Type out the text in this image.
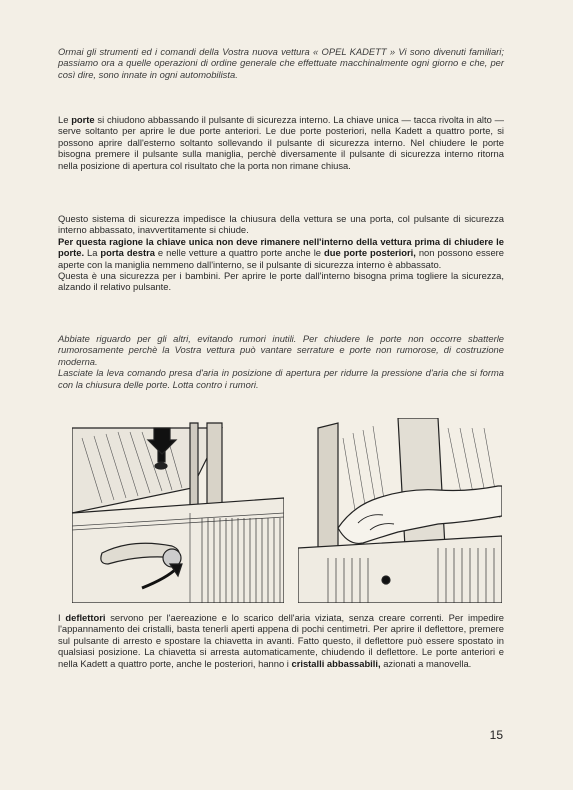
Ormai gli strumenti ed i comandi della Vostra nuova vettura « OPEL KADETT » Vi sono divenuti familiari; passiamo ora a quelle operazioni di ordine generale che effettuate macchinalmente ogni giorno e che, per così dire, sono innate in ogni automobilista.

Le porte si chiudono abbassando il pulsante di sicurezza interno. La chiave unica — tacca rivolta in alto — serve soltanto per aprire le due porte anteriori. Le due porte posteriori, nella Kadett a quattro porte, si possono aprire dall'esterno soltanto sollevando il pulsante di sicurezza interno. Nel chiudere le porte bisogna premere il pulsante sulla maniglia, perchè diversamente il pulsante di sicurezza interno ritorna nella posizione di apertura col risultato che la porta non rimane chiusa.

Questo sistema di sicurezza impedisce la chiusura della vettura se una porta, col pulsante di sicurezza interno abbassato, inavvertitamente si chiude.

Per questa ragione la chiave unica non deve rimanere nell'interno della vettura prima di chiudere le porte. La porta destra e nelle vetture a quattro porte anche le due porte posteriori, non possono essere aperte con la maniglia nemmeno dall'interno, se il pulsante di sicurezza interno è abbassato.

Questa è una sicurezza per i bambini. Per aprire le porte dall'interno bisogna prima togliere la sicurezza, alzando il relativo pulsante.

Abbiate riguardo per gli altri, evitando rumori inutili. Per chiudere le porte non occorre sbatterle rumorosamente perchè la Vostra vettura può vantare serrature e porte non rumorose, di costruzione moderna.

Lasciate la leva comando presa d'aria in posizione di apertura per ridurre la pressione d'aria che si forma con la chiusura delle porte. Lotta contro i rumori.

I deflettori servono per l'aereazione e lo scarico dell'aria viziata, senza creare correnti. Per impedire l'appannamento dei cristalli, basta tenerli aperti appena di pochi centimetri. Per aprire il deflettore, premere sul pulsante di arresto e spostare la chiavetta in avanti. Fatto questo, il deflettore può essere spostato in qualsiasi posizione. La chiavetta si arresta automaticamente, chiudendo il deflettore. Le porte anteriori e nella Kadett a quattro porte, anche le posteriori, hanno i cristalli abbassabili, azionati a manovella.

15
